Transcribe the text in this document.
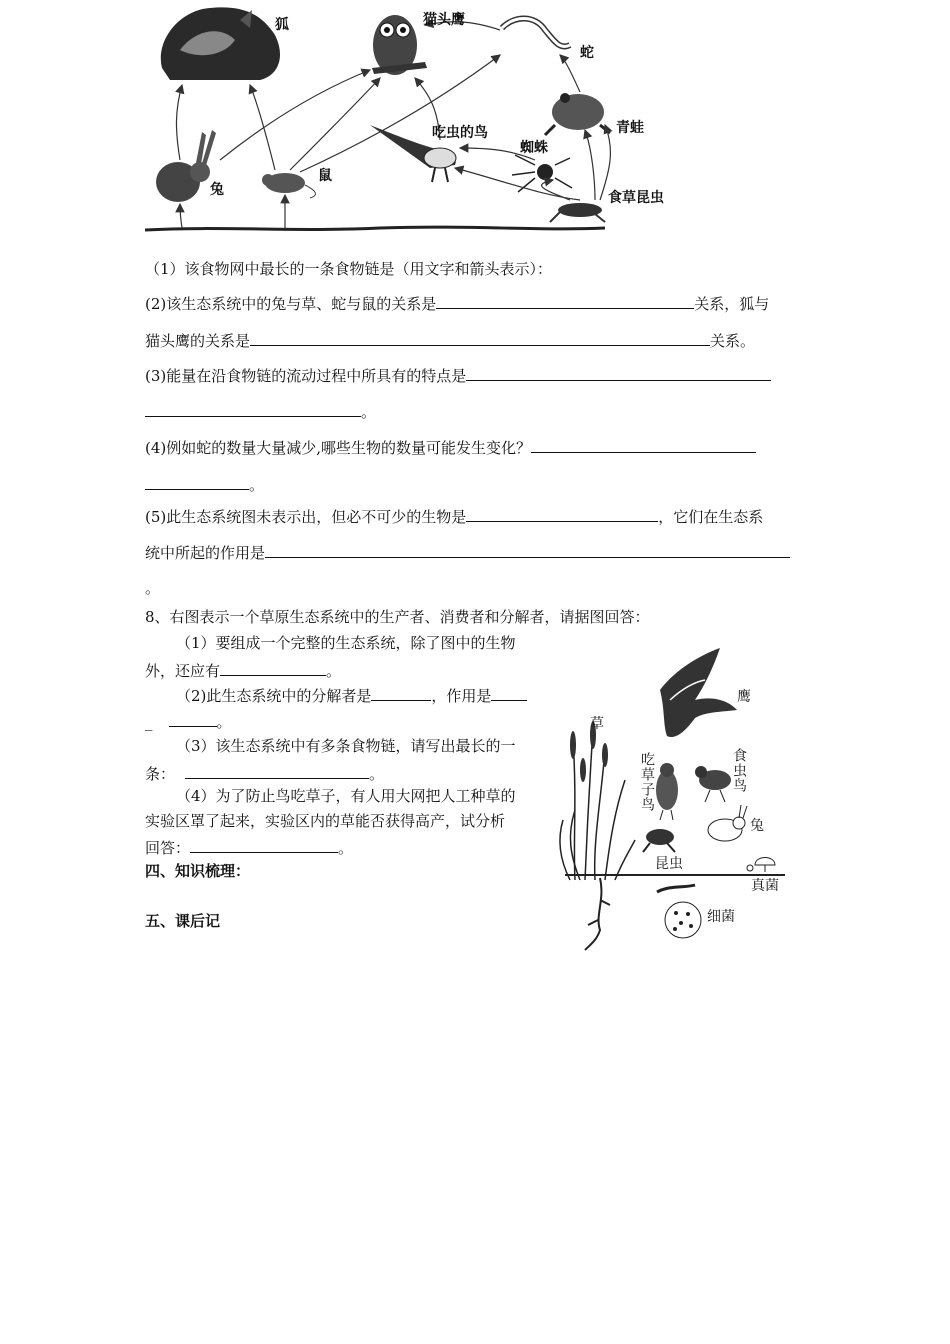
狐	猫头鹰
蛇
青蛙
吃虫的鸟
蜘蛛
兔
鼠
食草昆虫
（1）该食物网中最长的一条食物链是（用文字和箭头表示）：
(2)该生态系统中的兔与草、蛇与鼠的关系是	关系，狐与
猫头鹰的关系是	关系。
(3)能量在沿食物链的流动过程中所具有的特点是
。
(4)例如蛇的数量大量减少,哪些生物的数量可能发生变化？
。
(5)此生态系统图未表示出，但必不可少的生物是	，它们在生态系
统中所起的作用是
。
8、右图表示一个草原生态系统中的生产者、消费者和分解者，请据图回答：
（1）要组成一个完整的生态系统，除了图中的生物
外，还应有	。
（2)此生态系统中的分解者是	，作用是
_	。
（3）该生态系统中有多条食物链，请写出最长的一
条：	。
（4）为了防止鸟吃草子，有人用大网把人工种草的
实验区罩了起来，实验区内的草能否获得高产，试分析
回答：	。
四、知识梳理：
五、课后记
草
鹰
吃草子鸟	食虫鸟
兔
昆虫
真菌
细菌
